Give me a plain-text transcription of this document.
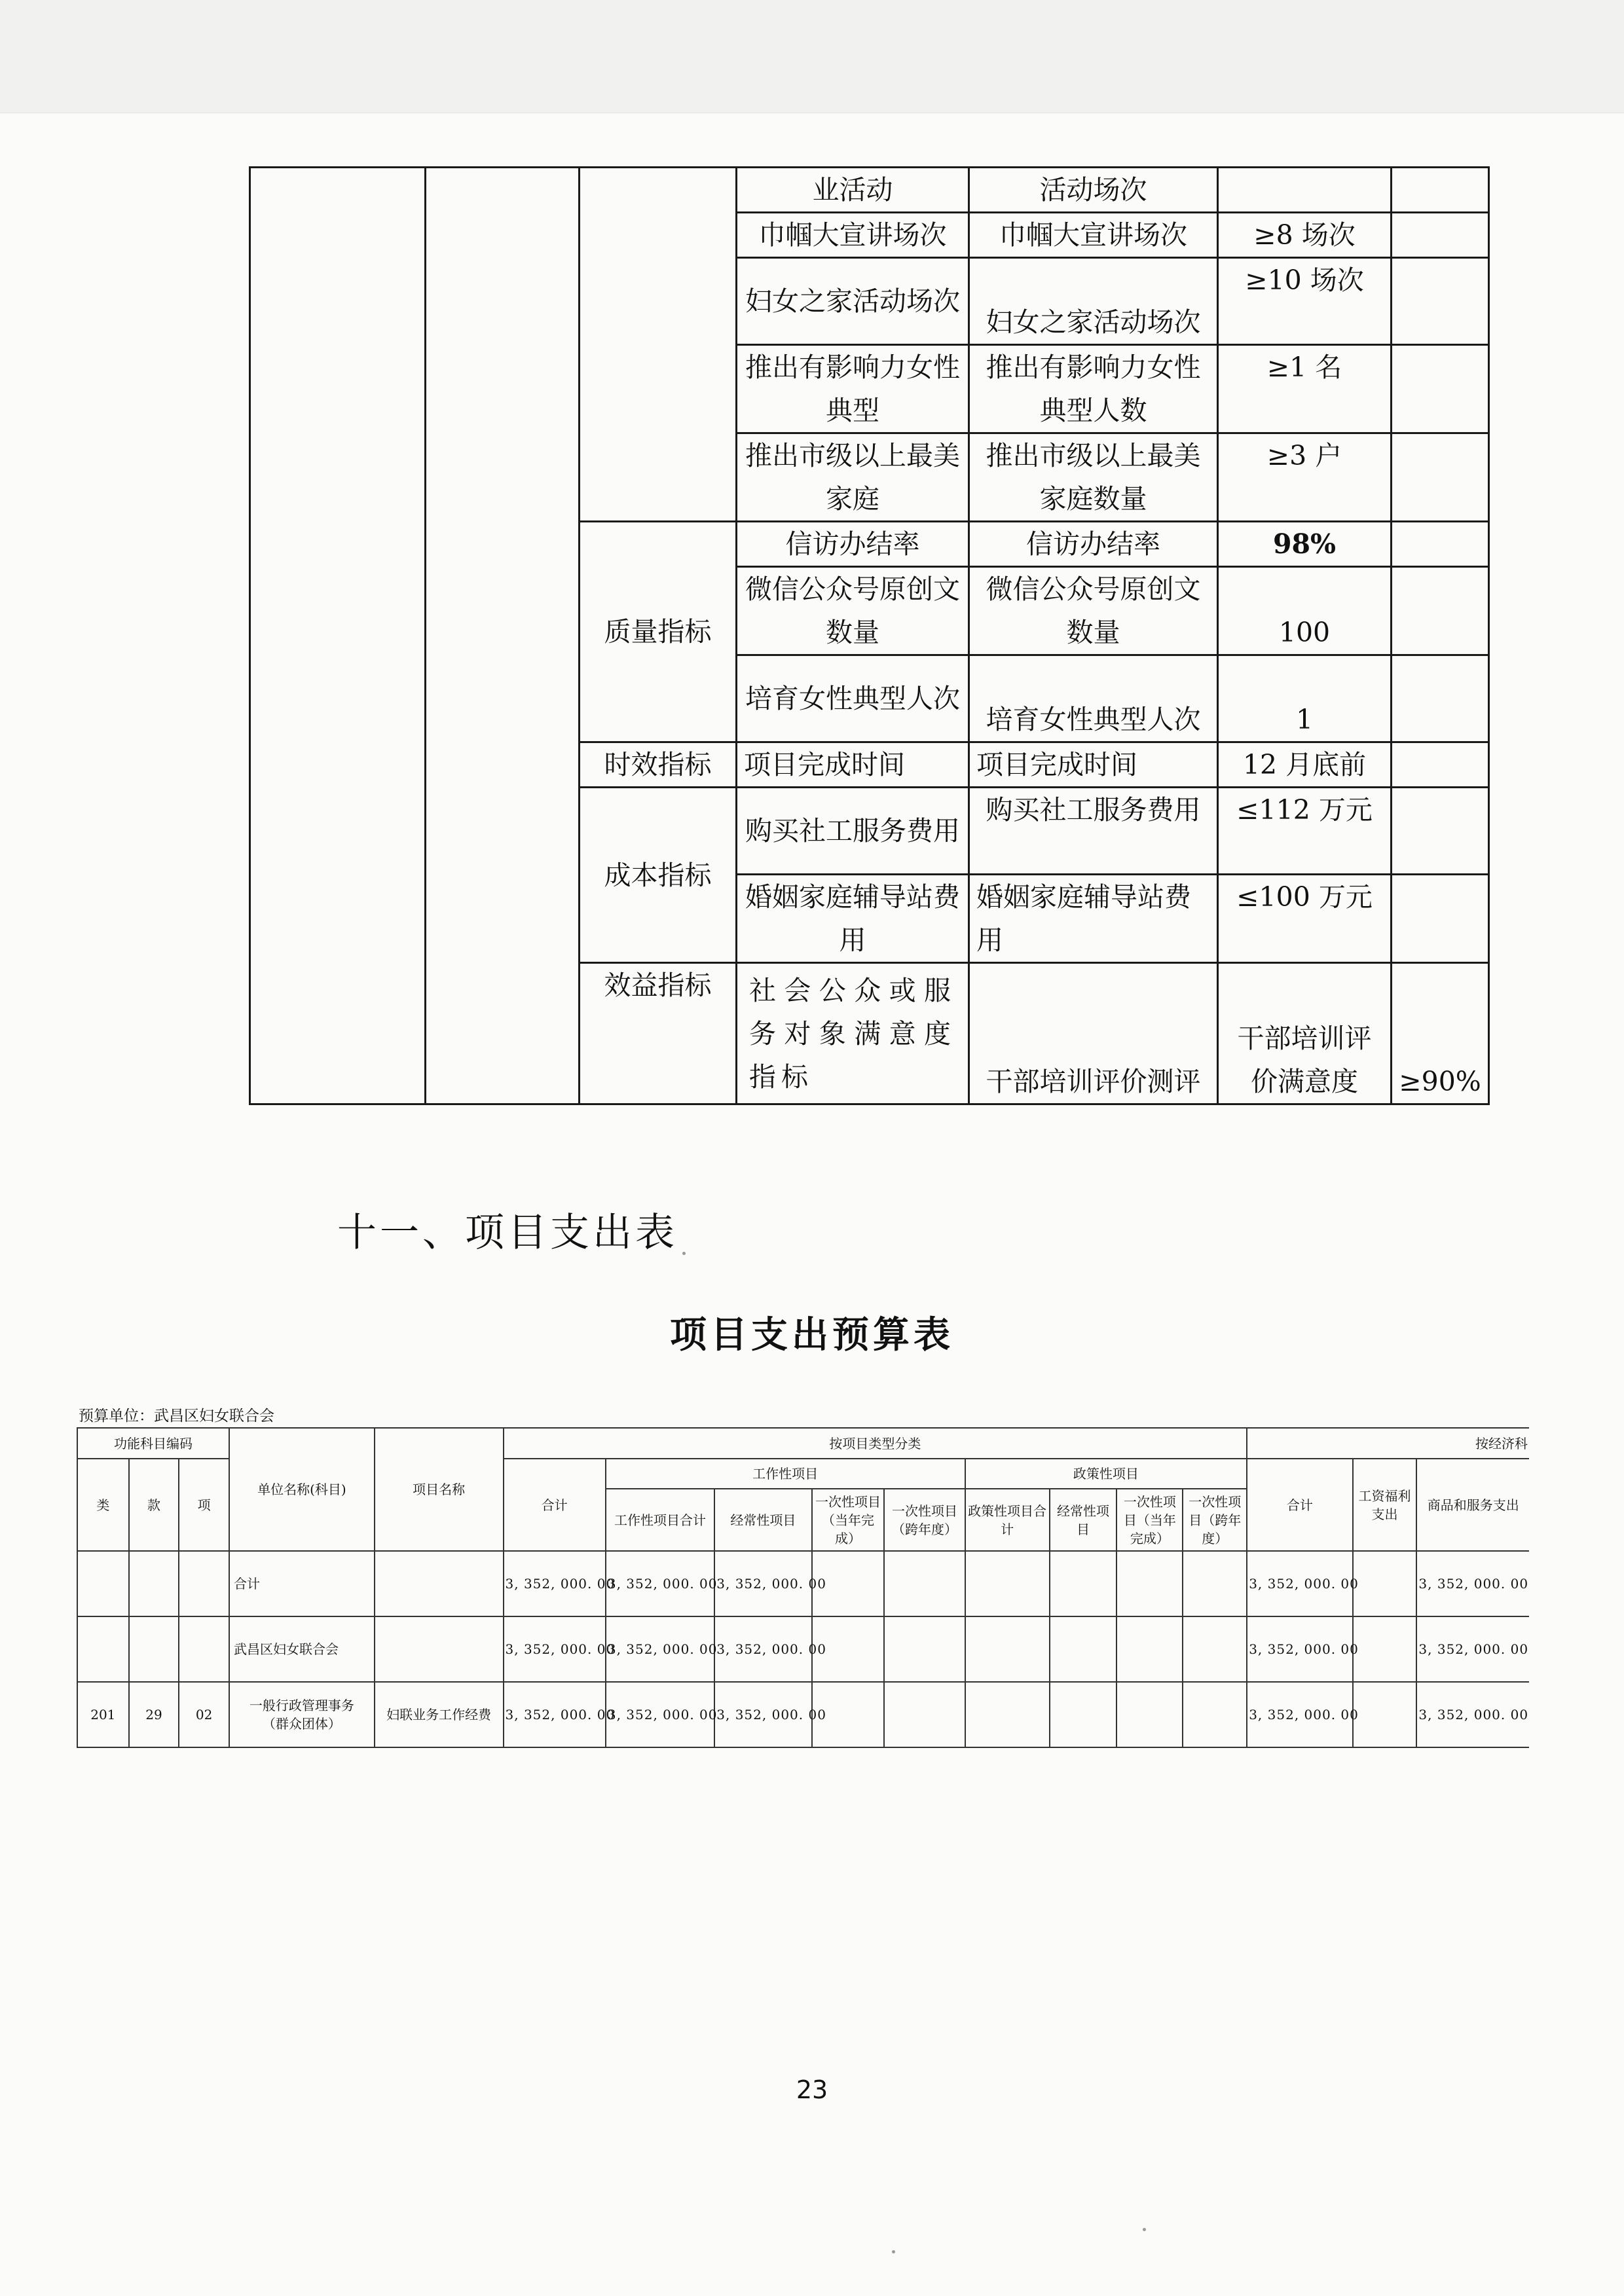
			业活动	活动场次			
			巾帼大宣讲场次	巾帼大宣讲场次	≥8 场次		
			妇女之家活动场次	妇女之家活动场次	≥10 场次		
			推出有影响力女性典型	推出有影响力女性典型人数	≥1 名		
			推出市级以上最美家庭	推出市级以上最美家庭数量	≥3 户		
		质量指标	信访办结率	信访办结率	98%		
			微信公众号原创文数量	微信公众号原创文数量	100		
			培育女性典型人次	培育女性典型人次	1		
		时效指标	项目完成时间	项目完成时间	12 月底前		
		成本指标	购买社工服务费用	购买社工服务费用	≤112 万元		
			婚姻家庭辅导站费用	婚姻家庭辅导站费用	≤100 万元		
		效益指标	社会公众或服务对象满意度指标	干部培训评价测评	干部培训评价满意度	≥90%	
十一、项目支出表
项目支出预算表
预算单位：武昌区妇女联合会
功能科目编码			单位名称(科目)	项目名称	按项目类型分类									按经济科		
类	款	项			合计	工作性项目				政策性项目				合计	工资福利支出	商品和服务支出
						工作性项目合计	经常性项目	一次性项目（当年完成）	一次性项目（跨年度）	政策性项目合计	经常性项目	一次性项目（当年完成）	一次性项目（跨年度）			
			合计		3, 352, 000. 00	3, 352, 000. 00	3, 352, 000. 00							3, 352, 000. 00		3, 352, 000. 00
			武昌区妇女联合会		3, 352, 000. 00	3, 352, 000. 00	3, 352, 000. 00							3, 352, 000. 00		3, 352, 000. 00
201	29	02	一般行政管理事务（群众团体）	妇联业务工作经费	3, 352, 000. 00	3, 352, 000. 00	3, 352, 000. 00							3, 352, 000. 00		3, 352, 000. 00
23
